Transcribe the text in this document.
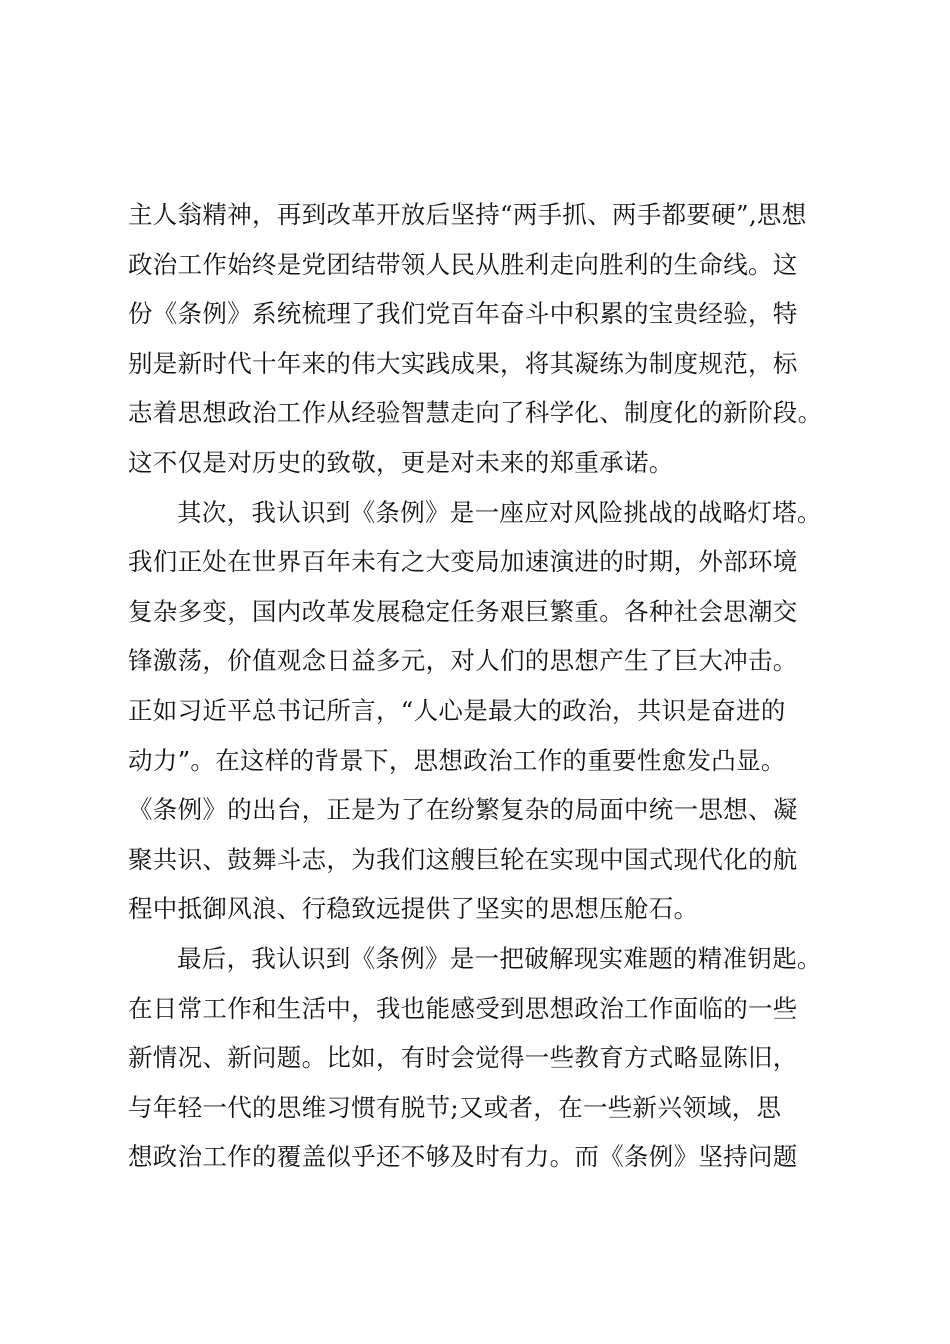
主人翁精神，再到改革开放后坚持“两手抓、两手都要硬”,思想
政治工作始终是党团结带领人民从胜利走向胜利的生命线。这
份《条例》系统梳理了我们党百年奋斗中积累的宝贵经验，特
别是新时代十年来的伟大实践成果，将其凝练为制度规范，标
志着思想政治工作从经验智慧走向了科学化、制度化的新阶段。
这不仅是对历史的致敬，更是对未来的郑重承诺。
其次，我认识到《条例》是一座应对风险挑战的战略灯塔。
我们正处在世界百年未有之大变局加速演进的时期，外部环境
复杂多变，国内改革发展稳定任务艰巨繁重。各种社会思潮交
锋激荡，价值观念日益多元，对人们的思想产生了巨大冲击。
正如习近平总书记所言，“人心是最大的政治，共识是奋进的
动力”。在这样的背景下，思想政治工作的重要性愈发凸显。
《条例》的出台，正是为了在纷繁复杂的局面中统一思想、凝
聚共识、鼓舞斗志，为我们这艘巨轮在实现中国式现代化的航
程中抵御风浪、行稳致远提供了坚实的思想压舱石。
最后，我认识到《条例》是一把破解现实难题的精准钥匙。
在日常工作和生活中，我也能感受到思想政治工作面临的一些
新情况、新问题。比如，有时会觉得一些教育方式略显陈旧，
与年轻一代的思维习惯有脱节;又或者，在一些新兴领域，思
想政治工作的覆盖似乎还不够及时有力。而《条例》坚持问题
